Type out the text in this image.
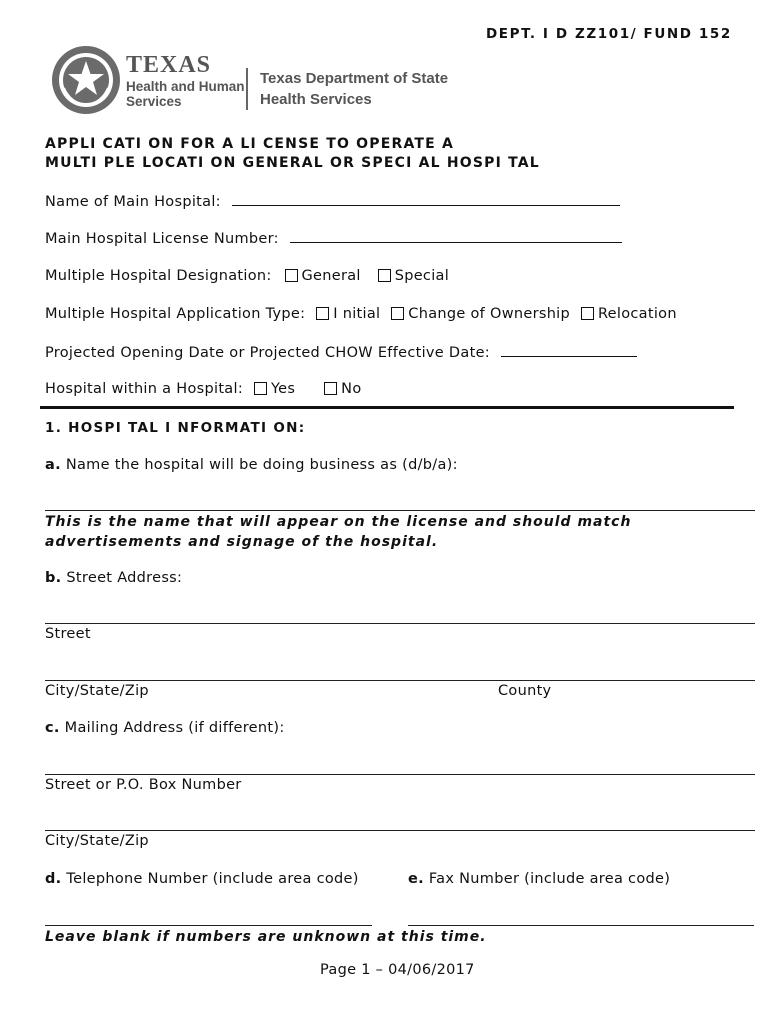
DEPT. I D ZZ101/ FUND 152
TEXAS
Health and Human
Services
Texas Department of State
Health Services
APPLI CATI ON FOR A LI CENSE TO OPERATE A
MULTI PLE LOCATI ON GENERAL OR SPECI AL HOSPI TAL
Name of Main Hospital:
Main Hospital License Number:
Multiple Hospital Designation: General Special
Multiple Hospital Application Type: I nitial Change of Ownership Relocation
Projected Opening Date or Projected CHOW Effective Date:
Hospital within a Hospital: Yes	No
1. HOSPI TAL I NFORMATI ON:
a. Name the hospital will be doing business as (d/b/a):
This is the name that will appear on the license and should match
advertisements and signage of the hospital.
b. Street Address:
Street
City/State/Zip	County
c. Mailing Address (if different):
Street or P.O. Box Number
City/State/Zip
d. Telephone Number (include area code)	e. Fax Number (include area code)
Leave blank if numbers are unknown at this time.
Page 1 – 04/06/2017
